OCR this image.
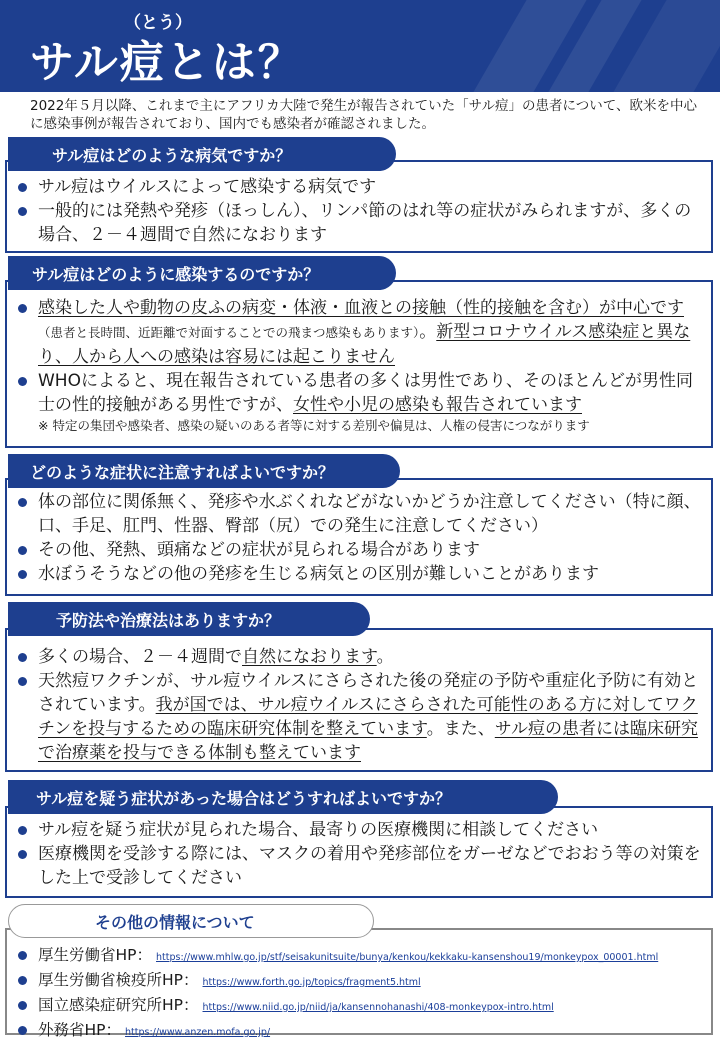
（とう）
サル痘とは？
2022年５月以降、これまで主にアフリカ大陸で発生が報告されていた「サル痘」の患者について、欧米を中心に感染事例が報告されており、国内でも感染者が確認されました。
サル痘はどのような病気ですか？
サル痘はウイルスによって感染する病気です
一般的には発熱や発疹（ほっしん）、リンパ節のはれ等の症状がみられますが、多くの場合、２－４週間で自然になおります
サル痘はどのように感染するのですか？
感染した人や動物の皮ふの病変・体液・血液との接触（性的接触を含む）が中心です（患者と長時間、近距離で対面することでの飛まつ感染もあります）。新型コロナウイルス感染症と異なり、人から人への感染は容易には起こりません
WHOによると、現在報告されている患者の多くは男性であり、そのほとんどが男性同士の性的接触がある男性ですが、女性や小児の感染も報告されています
※ 特定の集団や感染者、感染の疑いのある者等に対する差別や偏見は、人権の侵害につながります
どのような症状に注意すればよいですか？
体の部位に関係無く、発疹や水ぶくれなどがないかどうか注意してください（特に顔、口、手足、肛門、性器、臀部（尻）での発生に注意してください）
その他、発熱、頭痛などの症状が見られる場合があります
水ぼうそうなどの他の発疹を生じる病気との区別が難しいことがあります
予防法や治療法はありますか？
多くの場合、２－４週間で自然になおります。
天然痘ワクチンが、サル痘ウイルスにさらされた後の発症の予防や重症化予防に有効とされています。我が国では、サル痘ウイルスにさらされた可能性のある方に対してワクチンを投与するための臨床研究体制を整えています。また、サル痘の患者には臨床研究で治療薬を投与できる体制も整えています
サル痘を疑う症状があった場合はどうすればよいですか？
サル痘を疑う症状が見られた場合、最寄りの医療機関に相談してください
医療機関を受診する際には、マスクの着用や発疹部位をガーゼなどでおおう等の対策をした上で受診してください
その他の情報について
厚生労働省HP： https://www.mhlw.go.jp/stf/seisakunitsuite/bunya/kenkou/kekkaku-kansenshou19/monkeypox_00001.html
厚生労働省検疫所HP： https://www.forth.go.jp/topics/fragment5.html
国立感染症研究所HP： https://www.niid.go.jp/niid/ja/kansennohanashi/408-monkeypox-intro.html
外務省HP： https://www.anzen.mofa.go.jp/
